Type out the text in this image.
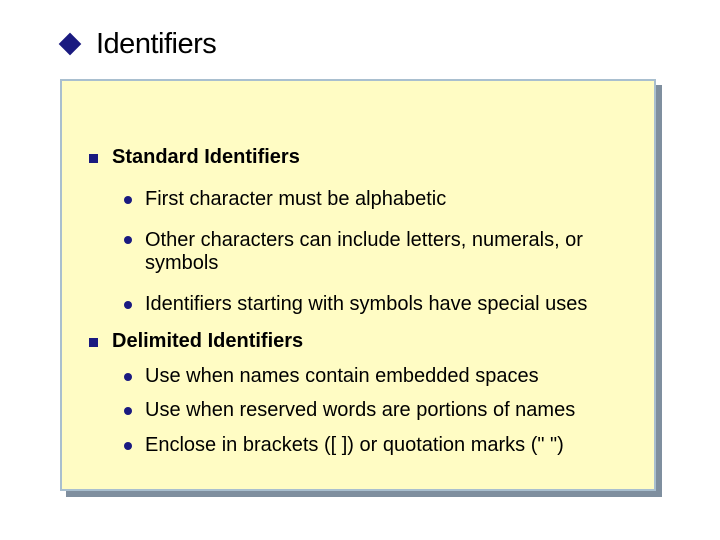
Identifiers
Standard Identifiers
First character must be alphabetic
Other characters can include letters, numerals, or symbols
Identifiers starting with symbols have special uses
Delimited Identifiers
Use when names contain embedded spaces
Use when reserved words are portions of names
Enclose in brackets ([ ]) or quotation marks (" ")
